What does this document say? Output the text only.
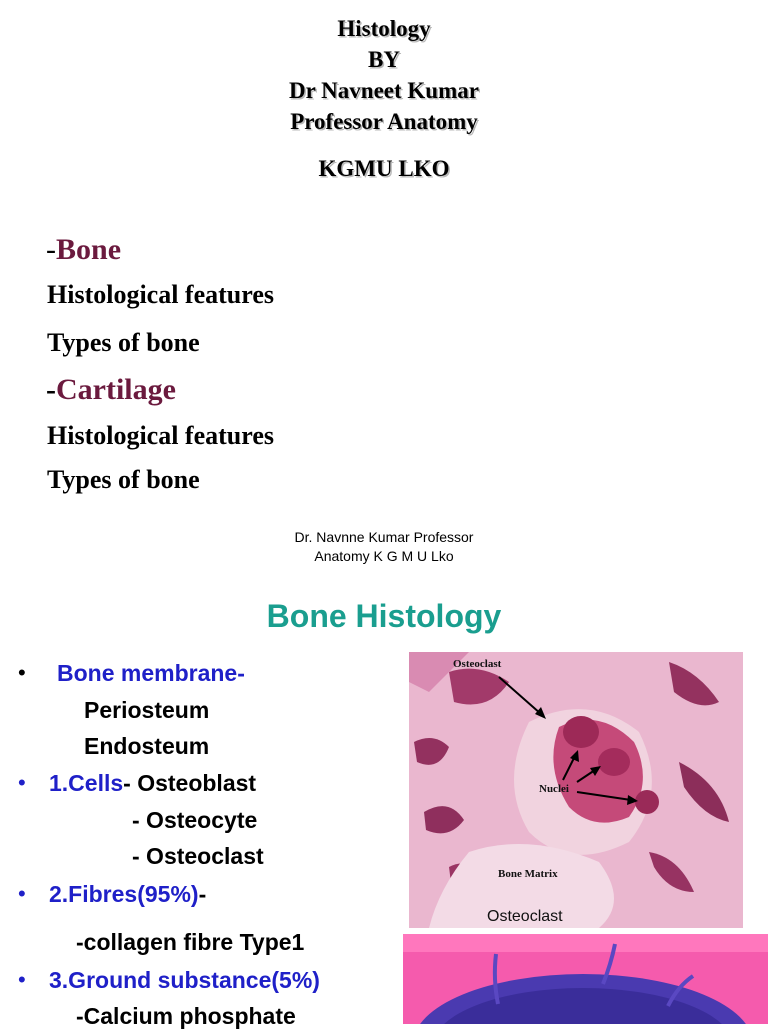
Histology
BY
Dr Navneet Kumar
Professor Anatomy
KGMU LKO
-Bone
Histological features
Types of bone
-Cartilage
Histological features
Types of bone
Dr. Navnne Kumar Professor
Anatomy K G M U Lko
Bone Histology
• Bone membrane-
Periosteum
Endosteum
• 1.Cells- Osteoblast
- Osteocyte
- Osteoclast
• 2.Fibres(95%)-
-collagen fibre Type1
• 3.Ground substance(5%)
-Calcium phosphate
Osteoclast
Nuclei
Bone Matrix
Osteoclast
